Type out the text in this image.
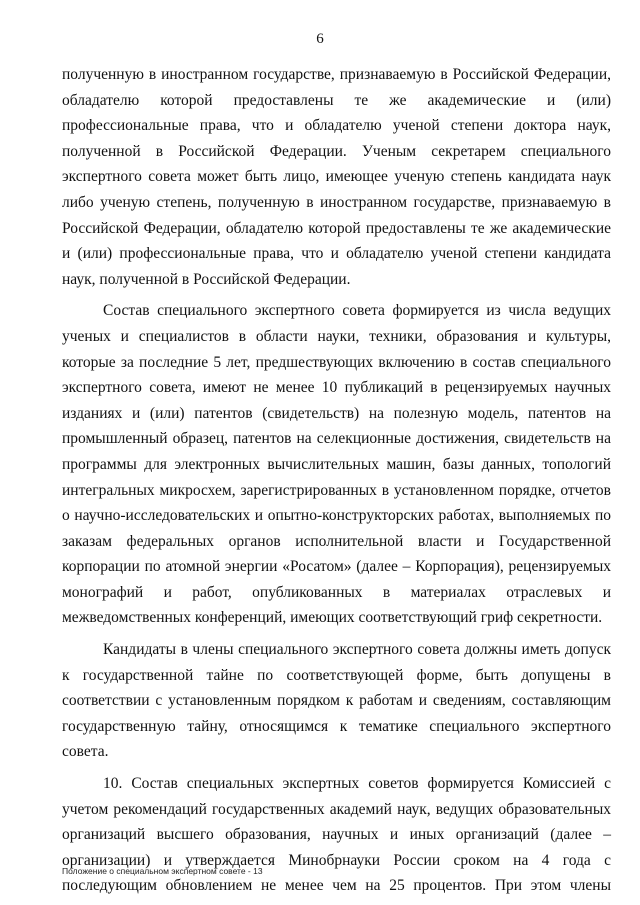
6

полученную в иностранном государстве, признаваемую в Российской Федерации, обладателю которой предоставлены те же академические и (или) профессиональные права, что и обладателю ученой степени доктора наук, полученной в Российской Федерации. Ученым секретарем специального экспертного совета может быть лицо, имеющее ученую степень кандидата наук либо ученую степень, полученную в иностранном государстве, признаваемую в Российской Федерации, обладателю которой предоставлены те же академические и (или) профессиональные права, что и обладателю ученой степени кандидата наук, полученной в Российской Федерации.

Состав специального экспертного совета формируется из числа ведущих ученых и специалистов в области науки, техники, образования и культуры, которые за последние 5 лет, предшествующих включению в состав специального экспертного совета, имеют не менее 10 публикаций в рецензируемых научных изданиях и (или) патентов (свидетельств) на полезную модель, патентов на промышленный образец, патентов на селекционные достижения, свидетельств на программы для электронных вычислительных машин, базы данных, топологий интегральных микросхем, зарегистрированных в установленном порядке, отчетов о научно-исследовательских и опытно-конструкторских работах, выполняемых по заказам федеральных органов исполнительной власти и Государственной корпорации по атомной энергии «Росатом» (далее – Корпорация), рецензируемых монографий и работ, опубликованных в материалах отраслевых и межведомственных конференций, имеющих соответствующий гриф секретности.

Кандидаты в члены специального экспертного совета должны иметь допуск к государственной тайне по соответствующей форме, быть допущены в соответствии с установленным порядком к работам и сведениям, составляющим государственную тайну, относящимся к тематике специального экспертного совета.

10. Состав специальных экспертных советов формируется Комиссией с учетом рекомендаций государственных академий наук, ведущих образовательных организаций высшего образования, научных и иных организаций (далее – организации) и утверждается Минобрнауки России сроком на 4 года с последующим обновлением не менее чем на 25 процентов. При этом члены

Положение о специальном экспертном совете - 13
